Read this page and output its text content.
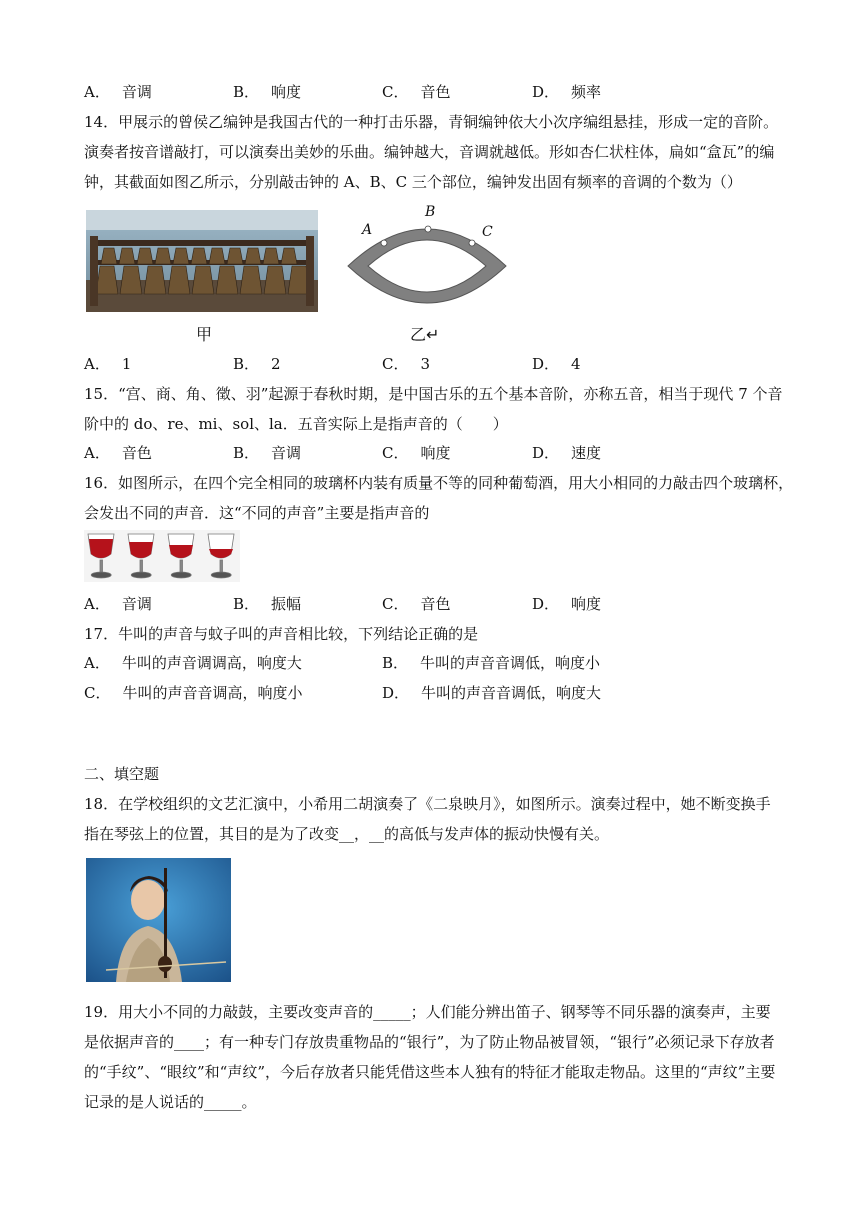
A． 音调	B． 响度	C． 音色	D． 频率
14．甲展示的曾侯乙编钟是我国古代的一种打击乐器，青铜编钟依大小次序编组悬挂，形成一定的音阶。
演奏者按音谱敲打，可以演奏出美妙的乐曲。编钟越大，音调就越低。形如杏仁状柱体，扁如“盒瓦”的编
钟，其截面如图乙所示，分别敲击钟的 A、B、C 三个部位，编钟发出固有频率的音调的个数为（）
甲
A
B
C
乙↵
A． 1	B． 2	C． 3	D． 4
15．“宫、商、角、徵、羽”起源于春秋时期，是中国古乐的五个基本音阶，亦称五音，相当于现代 7 个音
阶中的 do、re、mi、sol、la．五音实际上是指声音的（　　）
A． 音色	B． 音调	C． 响度	D． 速度
16．如图所示，在四个完全相同的玻璃杯内装有质量不等的同种葡萄酒，用大小相同的力敲击四个玻璃杯，
会发出不同的声音．这“不同的声音”主要是指声音的
A． 音调	B． 振幅	C． 音色	D． 响度
17．牛叫的声音与蚊子叫的声音相比较，下列结论正确的是
A． 牛叫的声音调调高，响度大	B． 牛叫的声音音调低，响度小
C． 牛叫的声音音调高，响度小	D． 牛叫的声音音调低，响度大
二、填空题
18．在学校组织的文艺汇演中，小希用二胡演奏了《二泉映月》，如图所示。演奏过程中，她不断变换手
指在琴弦上的位置，其目的是为了改变__，__的高低与发声体的振动快慢有关。
19．用大小不同的力敲鼓，主要改变声音的_____；人们能分辨出笛子、钢琴等不同乐器的演奏声，主要
是依据声音的____；有一种专门存放贵重物品的“银行”，为了防止物品被冒领，“银行”必须记录下存放者
的“手纹”、“眼纹”和“声纹”，今后存放者只能凭借这些本人独有的特征才能取走物品。这里的“声纹”主要
记录的是人说话的_____。
